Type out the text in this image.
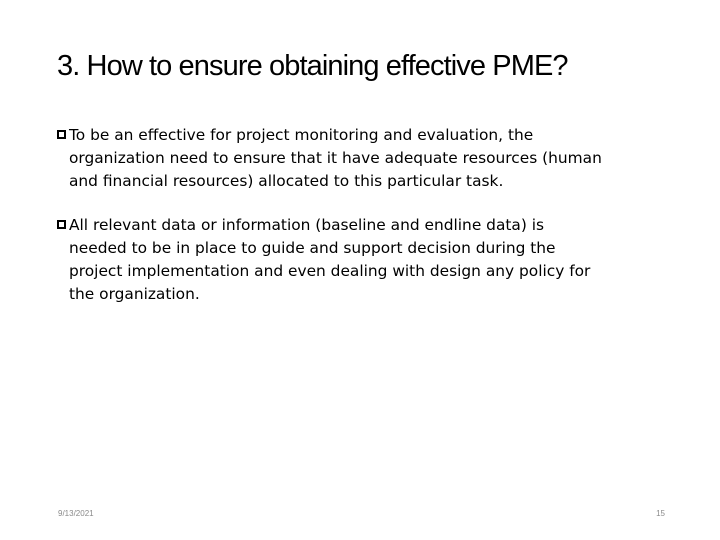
3. How to ensure obtaining effective PME?
To be an effective for project monitoring and evaluation, the
organization need to ensure that it have adequate resources (human
and financial resources) allocated to this particular task.
All relevant data or information (baseline and endline data) is
needed to be in place to guide and support decision during the
project implementation and even dealing with design any policy for
the organization.
9/13/2021	15
